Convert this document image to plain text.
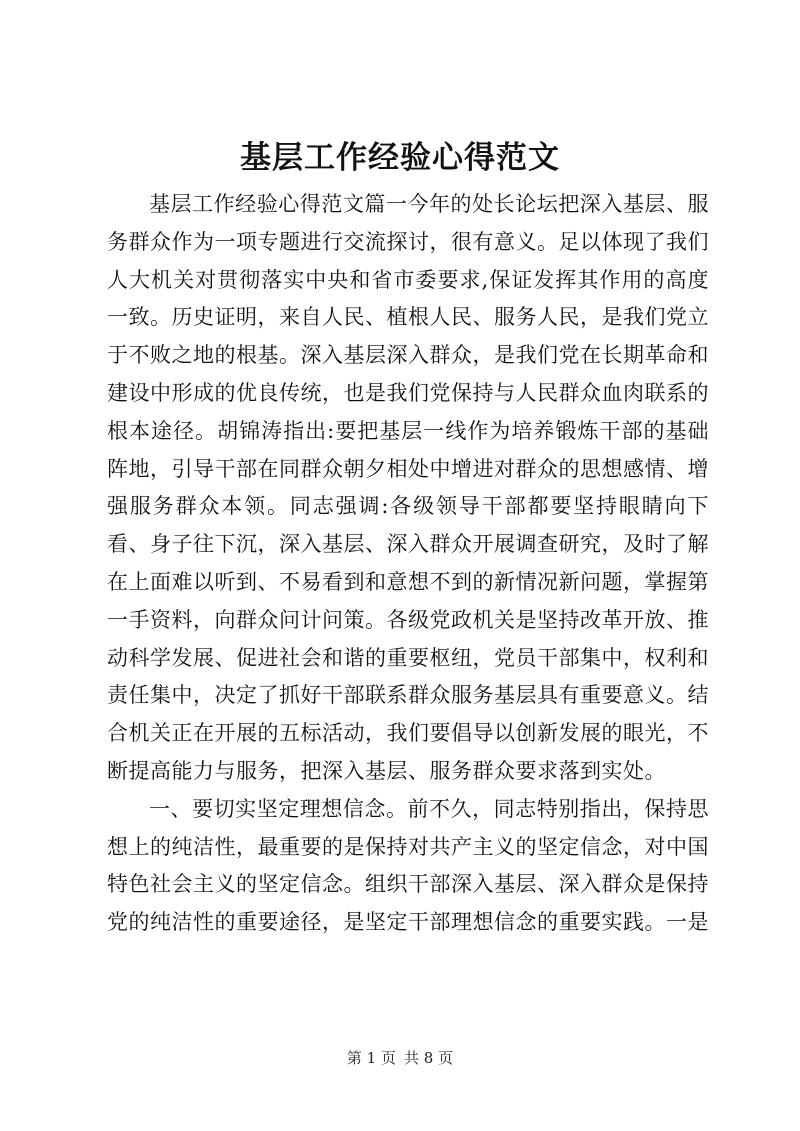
基层工作经验心得范文

基层工作经验心得范文篇一今年的处长论坛把深入基层、服务群众作为一项专题进行交流探讨，很有意义。足以体现了我们人大机关对贯彻落实中央和省市委要求,保证发挥其作用的高度一致。历史证明，来自人民、植根人民、服务人民，是我们党立于不败之地的根基。深入基层深入群众，是我们党在长期革命和建设中形成的优良传统，也是我们党保持与人民群众血肉联系的根本途径。胡锦涛指出:要把基层一线作为培养锻炼干部的基础阵地，引导干部在同群众朝夕相处中增进对群众的思想感情、增强服务群众本领。同志强调:各级领导干部都要坚持眼睛向下看、身子往下沉，深入基层、深入群众开展调查研究，及时了解在上面难以听到、不易看到和意想不到的新情况新问题，掌握第一手资料，向群众问计问策。各级党政机关是坚持改革开放、推动科学发展、促进社会和谐的重要枢纽，党员干部集中，权利和责任集中，决定了抓好干部联系群众服务基层具有重要意义。结合机关正在开展的五标活动，我们要倡导以创新发展的眼光，不断提高能力与服务，把深入基层、服务群众要求落到实处。

一、要切实坚定理想信念。前不久，同志特别指出，保持思想上的纯洁性，最重要的是保持对共产主义的坚定信念，对中国特色社会主义的坚定信念。组织干部深入基层、深入群众是保持党的纯洁性的重要途径，是坚定干部理想信念的重要实践。一是

第 1 页 共 8 页
